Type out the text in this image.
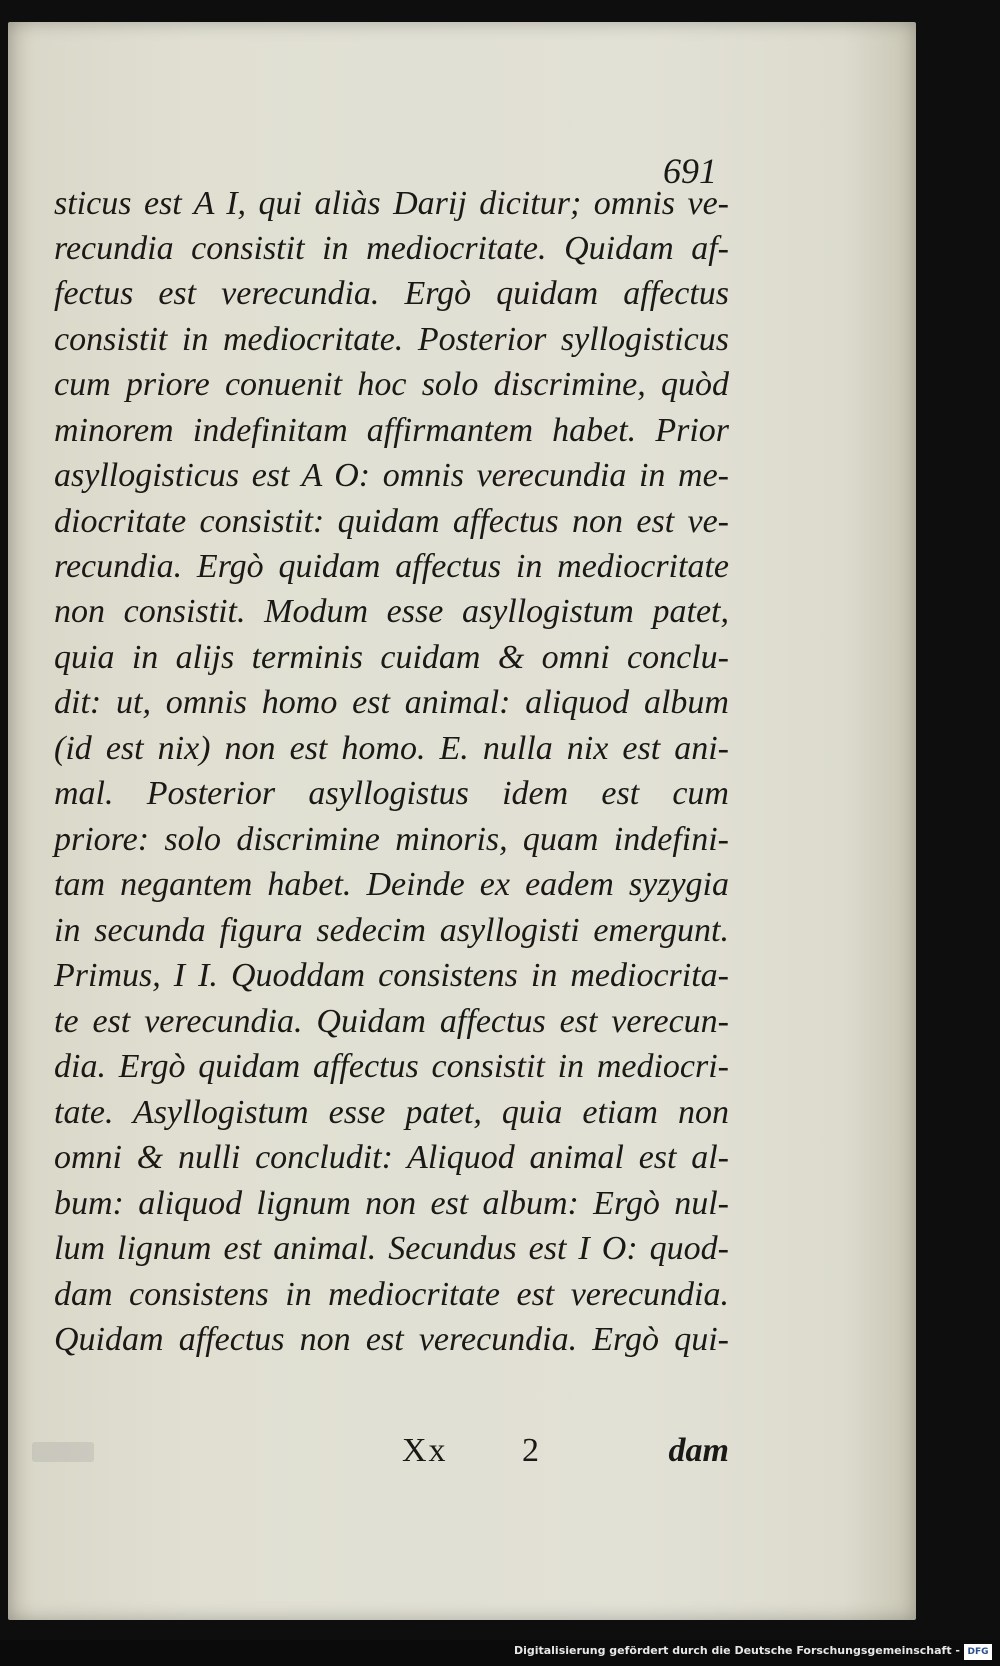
691
sticus est A I, qui aliàs Darij dicitur; omnis ve-
recundia consistit in mediocritate. Quidam af-
fectus est verecundia. Ergò quidam affectus
consistit in mediocritate. Posterior syllogisticus
cum priore conuenit hoc solo discrimine, quòd
minorem indefinitam affirmantem habet. Prior
asyllogisticus est A O: omnis verecundia in me-
diocritate consistit: quidam affectus non est ve-
recundia. Ergò quidam affectus in mediocritate
non consistit. Modum esse asyllogistum patet,
quia in alijs terminis cuidam & omni conclu-
dit: ut, omnis homo est animal: aliquod album
(id est nix) non est homo. E. nulla nix est ani-
mal. Posterior asyllogistus idem est cum
priore: solo discrimine minoris, quam indefini-
tam negantem habet. Deinde ex eadem syzygia
in secunda figura sedecim asyllogisti emergunt.
Primus, I I. Quoddam consistens in mediocrita-
te est verecundia. Quidam affectus est verecun-
dia. Ergò quidam affectus consistit in mediocri-
tate. Asyllogistum esse patet, quia etiam non
omni & nulli concludit: Aliquod animal est al-
bum: aliquod lignum non est album: Ergò nul-
lum lignum est animal. Secundus est I O: quod-
dam consistens in mediocritate est verecundia.
Quidam affectus non est verecundia. Ergò qui-
Xx 2	dam
Digitalisierung gefördert durch die Deutsche Forschungsgemeinschaft - DFG
